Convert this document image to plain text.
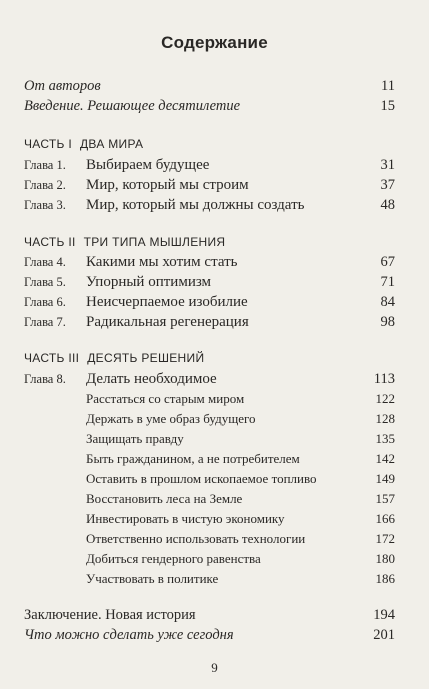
Содержание
От авторов	11
Введение. Решающее десятилетие	15
ЧАСТЬ I ДВА МИРА
Глава 1. Выбираем будущее	31
Глава 2. Мир, который мы строим	37
Глава 3. Мир, который мы должны создать	48
ЧАСТЬ II ТРИ ТИПА МЫШЛЕНИЯ
Глава 4. Какими мы хотим стать	67
Глава 5. Упорный оптимизм	71
Глава 6. Неисчерпаемое изобилие	84
Глава 7. Радикальная регенерация	98
ЧАСТЬ III ДЕСЯТЬ РЕШЕНИЙ
Глава 8. Делать необходимое	113
Расстаться со старым миром	122
Держать в уме образ будущего	128
Защищать правду	135
Быть гражданином, а не потребителем	142
Оставить в прошлом ископаемое топливо	149
Восстановить леса на Земле	157
Инвестировать в чистую экономику	166
Ответственно использовать технологии	172
Добиться гендерного равенства	180
Участвовать в политике	186
Заключение. Новая история	194
Что можно сделать уже сегодня	201
9
